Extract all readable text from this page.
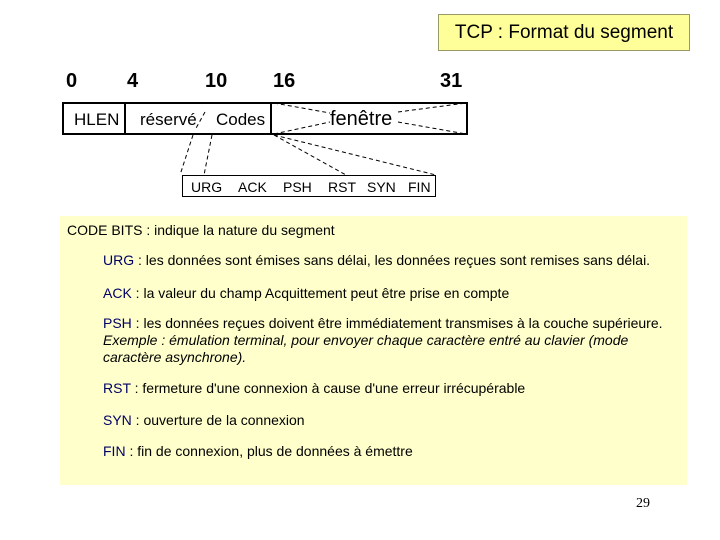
TCP : Format du segment
0 4	10 16	31
HLEN réservé Codes	fenêtre
URG ACK PSH RST SYN FIN
CODE BITS : indique la nature du segment
URG : les données sont émises sans délai, les données reçues sont remises sans délai.
ACK : la valeur du champ Acquittement peut être prise en compte
PSH : les données reçues doivent être immédiatement transmises à la couche supérieure.
Exemple : émulation terminal, pour envoyer chaque caractère entré au clavier (mode caractère asynchrone).
RST : fermeture d'une connexion à cause d'une erreur irrécupérable
SYN : ouverture de la connexion
FIN : fin de connexion, plus de données à émettre
29
